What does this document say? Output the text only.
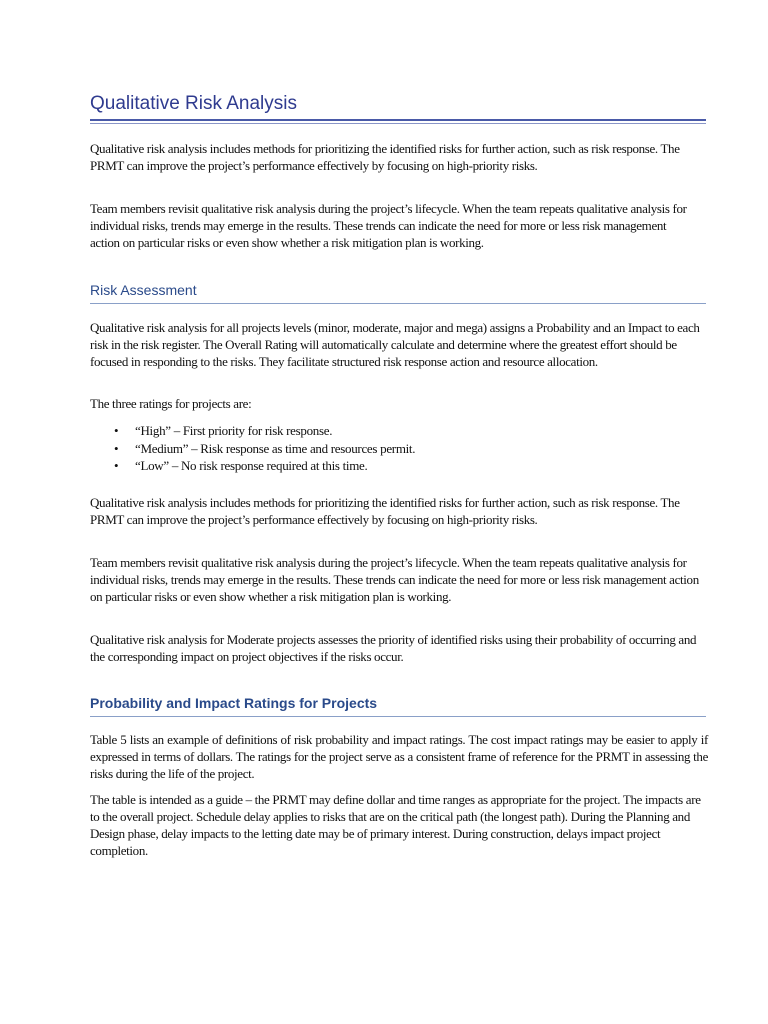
Qualitative Risk Analysis

Qualitative risk analysis includes methods for prioritizing the identified risks for further action, such as risk response. The PRMT can improve the project’s performance effectively by focusing on high-priority risks.

Team members revisit qualitative risk analysis during the project’s lifecycle. When the team repeats qualitative analysis for individual risks, trends may emerge in the results. These trends can indicate the need for more or less risk management action on particular risks or even show whether a risk mitigation plan is working.

Risk Assessment

Qualitative risk analysis for all projects levels (minor, moderate, major and mega) assigns a Probability and an Impact to each risk in the risk register. The Overall Rating will automatically calculate and determine where the greatest effort should be focused in responding to the risks. They facilitate structured risk response action and resource allocation.

The three ratings for projects are:

• “High” – First priority for risk response.
• “Medium” – Risk response as time and resources permit.
• “Low” – No risk response required at this time.

Qualitative risk analysis includes methods for prioritizing the identified risks for further action, such as risk response. The PRMT can improve the project’s performance effectively by focusing on high-priority risks.

Team members revisit qualitative risk analysis during the project’s lifecycle. When the team repeats qualitative analysis for individual risks, trends may emerge in the results. These trends can indicate the need for more or less risk management action on particular risks or even show whether a risk mitigation plan is working.

Qualitative risk analysis for Moderate projects assesses the priority of identified risks using their probability of occurring and the corresponding impact on project objectives if the risks occur.

Probability and Impact Ratings for Projects

Table 5 lists an example of definitions of risk probability and impact ratings. The cost impact ratings may be easier to apply if expressed in terms of dollars. The ratings for the project serve as a consistent frame of reference for the PRMT in assessing the risks during the life of the project.

The table is intended as a guide – the PRMT may define dollar and time ranges as appropriate for the project. The impacts are to the overall project. Schedule delay applies to risks that are on the critical path (the longest path). During the Planning and Design phase, delay impacts to the letting date may be of primary interest. During construction, delays impact project completion.
